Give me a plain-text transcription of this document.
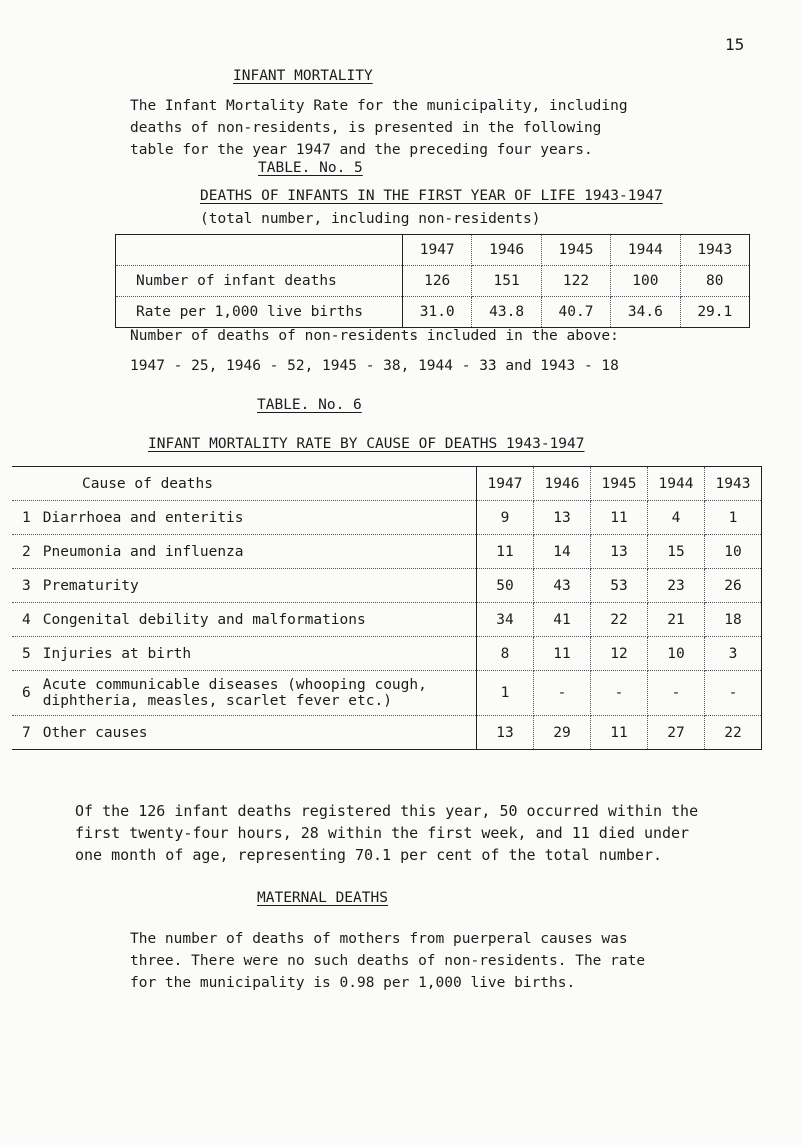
15
INFANT MORTALITY
The Infant Mortality Rate for the municipality, including
deaths of non-residents, is presented in the following
table for the year 1947 and the preceding four years.
TABLE. No. 5
DEATHS OF INFANTS IN THE FIRST YEAR OF LIFE 1943-1947
(total number, including non-residents)
	1947	1946	1945	1944	1943
Number of infant deaths	126	151	122	100	80
Rate per 1,000 live births	31.0	43.8	40.7	34.6	29.1
Number of deaths of non-residents included in the above:
1947 - 25, 1946 - 52, 1945 - 38, 1944 - 33 and 1943 - 18
TABLE. No. 6
INFANT MORTALITY RATE BY CAUSE OF DEATHS 1943-1947
Cause of deaths	1947	1946	1945	1944	1943

1
Diarrhoea and enteritis	9	13	11	4	1

2
Pneumonia and influenza	11	14	13	15	10

3
Prematurity	50	43	53	23	26

4
Congenital debility and malformations	34	41	22	21	18

5
Injuries at birth	8	11	12	10	3

6
Acute communicable diseases (whooping cough,
diphtheria, measles, scarlet fever etc.)	1	-	-	-	-

7
Other causes	13	29	11	27	22
Of the 126 infant deaths registered this year, 50 occurred within the
first twenty-four hours, 28 within the first week, and 11 died under
one month of age, representing 70.1 per cent of the total number.
MATERNAL DEATHS
The number of deaths of mothers from puerperal causes was
three. There were no such deaths of non-residents. The rate
for the municipality is 0.98 per 1,000 live births.
